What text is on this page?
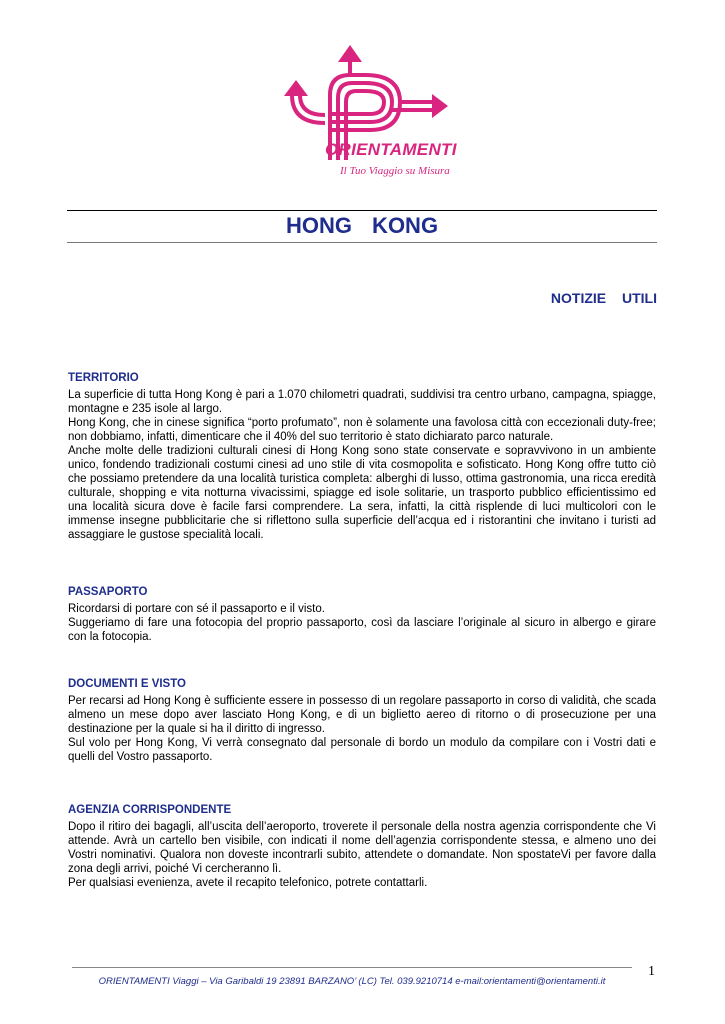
ORIENTAMENTI
Il Tuo Viaggio su Misura
HONG KONG
NOTIZIE UTILI
TERRITORIO

La superficie di tutta Hong Kong è pari a 1.070 chilometri quadrati, suddivisi tra centro urbano, campagna, spiagge, montagne e 235 isole al largo.

Hong Kong, che in cinese significa “porto profumato”, non è solamente una favolosa città con eccezionali duty-free; non dobbiamo, infatti, dimenticare che il 40% del suo territorio è stato dichiarato parco naturale.

Anche molte delle tradizioni culturali cinesi di Hong Kong sono state conservate e sopravvivono in un ambiente unico, fondendo tradizionali costumi cinesi ad uno stile di vita cosmopolita e sofisticato. Hong Kong offre tutto ciò che possiamo pretendere da una località turistica completa: alberghi di lusso, ottima gastronomia, una ricca eredità culturale, shopping e vita notturna vivacissimi, spiagge ed isole solitarie, un trasporto pubblico efficientissimo ed una località sicura dove è facile farsi comprendere. La sera, infatti, la città risplende di luci multicolori con le immense insegne pubblicitarie che si riflettono sulla superficie dell’acqua ed i ristorantini che invitano i turisti ad assaggiare le gustose specialità locali.

PASSAPORTO

Ricordarsi di portare con sé il passaporto e il visto.

Suggeriamo di fare una fotocopia del proprio passaporto, così da lasciare l’originale al sicuro in albergo e girare con la fotocopia.

DOCUMENTI E VISTO

Per recarsi ad Hong Kong è sufficiente essere in possesso di un regolare passaporto in corso di validità, che scada almeno un mese dopo aver lasciato Hong Kong, e di un biglietto aereo di ritorno o di prosecuzione per una destinazione per la quale si ha il diritto di ingresso.

Sul volo per Hong Kong, Vi verrà consegnato dal personale di bordo un modulo da compilare con i Vostri dati e quelli del Vostro passaporto.

AGENZIA CORRISPONDENTE

Dopo il ritiro dei bagagli, all’uscita dell’aeroporto, troverete il personale della nostra agenzia corrispondente che Vi attende. Avrà un cartello ben visibile, con indicati il nome dell’agenzia corrispondente stessa, e almeno uno dei Vostri nominativi. Qualora non doveste incontrarli subito, attendete o domandate. Non spostateVi per favore dalla zona degli arrivi, poiché Vi cercheranno lì.

Per qualsiasi evenienza, avete il recapito telefonico, potrete contattarli.

1
ORIENTAMENTI Viaggi – Via Garibaldi 19 23891 BARZANO’ (LC) Tel. 039.9210714 e-mail:orientamenti@orientamenti.it
